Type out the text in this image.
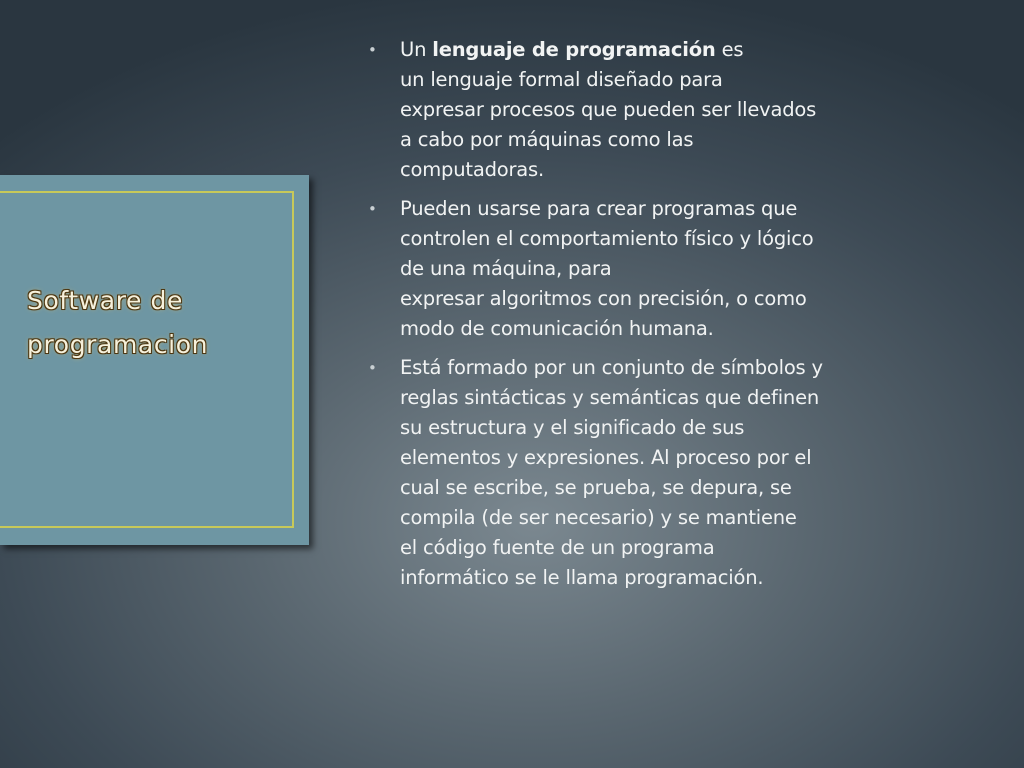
Software de
programacion
• Un lenguaje de programación es
un lenguaje formal diseñado para
expresar procesos que pueden ser llevados
a cabo por máquinas como las
computadoras.
• Pueden usarse para crear programas que
controlen el comportamiento físico y lógico
de una máquina, para
expresar algoritmos con precisión, o como
modo de comunicación humana.
• Está formado por un conjunto de símbolos y
reglas sintácticas y semánticas que definen
su estructura y el significado de sus
elementos y expresiones. Al proceso por el
cual se escribe, se prueba, se depura, se
compila (de ser necesario) y se mantiene
el código fuente de un programa
informático se le llama programación.
